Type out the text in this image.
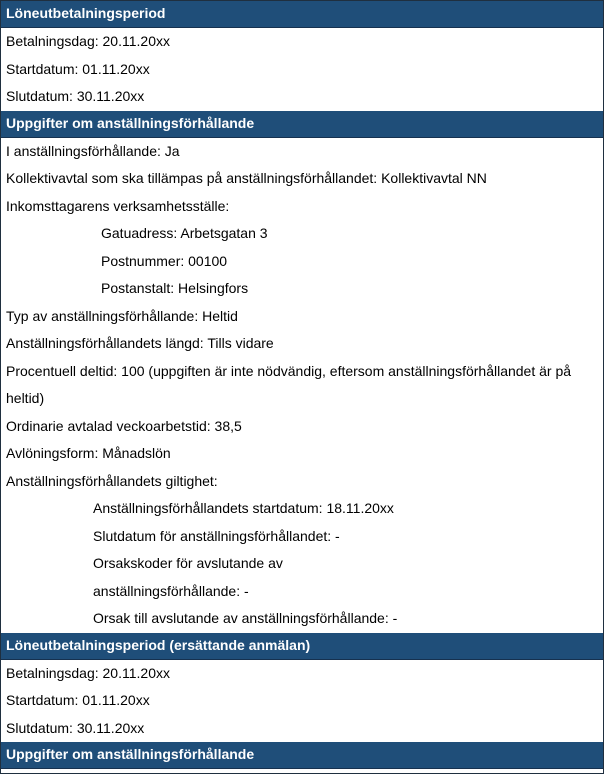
Löneutbetalningsperiod
Betalningsdag: 20.11.20xx
Startdatum: 01.11.20xx
Slutdatum: 30.11.20xx
Uppgifter om anställningsförhållande
I anställningsförhållande: Ja
Kollektivavtal som ska tillämpas på anställningsförhållandet: Kollektivavtal NN
Inkomsttagarens verksamhetsställe:
Gatuadress: Arbetsgatan 3
Postnummer: 00100
Postanstalt: Helsingfors
Typ av anställningsförhållande: Heltid
Anställningsförhållandets längd: Tills vidare
Procentuell deltid: 100 (uppgiften är inte nödvändig, eftersom anställningsförhållandet är på heltid)
Ordinarie avtalad veckoarbetstid: 38,5
Avlöningsform: Månadslön
Anställningsförhållandets giltighet:
Anställningsförhållandets startdatum: 18.11.20xx
Slutdatum för anställningsförhållandet: -
Orsakskoder för avslutande av
anställningsförhållande: -
Orsak till avslutande av anställningsförhållande: -
Löneutbetalningsperiod (ersättande anmälan)
Betalningsdag: 20.11.20xx
Startdatum: 01.11.20xx
Slutdatum: 30.11.20xx
Uppgifter om anställningsförhållande
